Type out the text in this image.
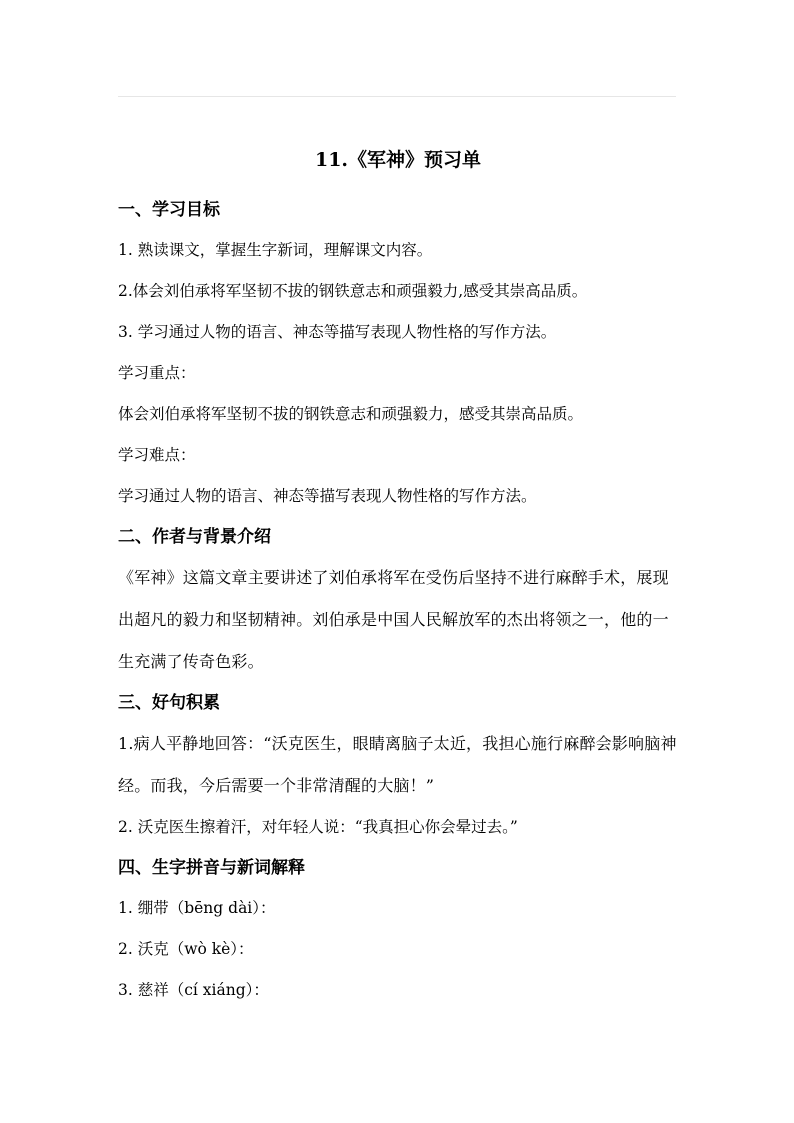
11.《军神》预习单
一、学习目标
1. 熟读课文，掌握生字新词，理解课文内容。
2.体会刘伯承将军坚韧不拔的钢铁意志和顽强毅力,感受其崇高品质。
3. 学习通过人物的语言、神态等描写表现人物性格的写作方法。
学习重点：
体会刘伯承将军坚韧不拔的钢铁意志和顽强毅力，感受其崇高品质。
学习难点：
学习通过人物的语言、神态等描写表现人物性格的写作方法。
二、作者与背景介绍
《军神》这篇文章主要讲述了刘伯承将军在受伤后坚持不进行麻醉手术，展现出超凡的毅力和坚韧精神。刘伯承是中国人民解放军的杰出将领之一，他的一生充满了传奇色彩。
三、好句积累
1.病人平静地回答：“沃克医生，眼睛离脑子太近，我担心施行麻醉会影响脑神经。而我，今后需要一个非常清醒的大脑！”
2. 沃克医生擦着汗，对年轻人说：“我真担心你会晕过去。”
四、生字拼音与新词解释
1. 绷带（bēng dài）：
2. 沃克（wò kè）：
3. 慈祥（cí xiáng）：
